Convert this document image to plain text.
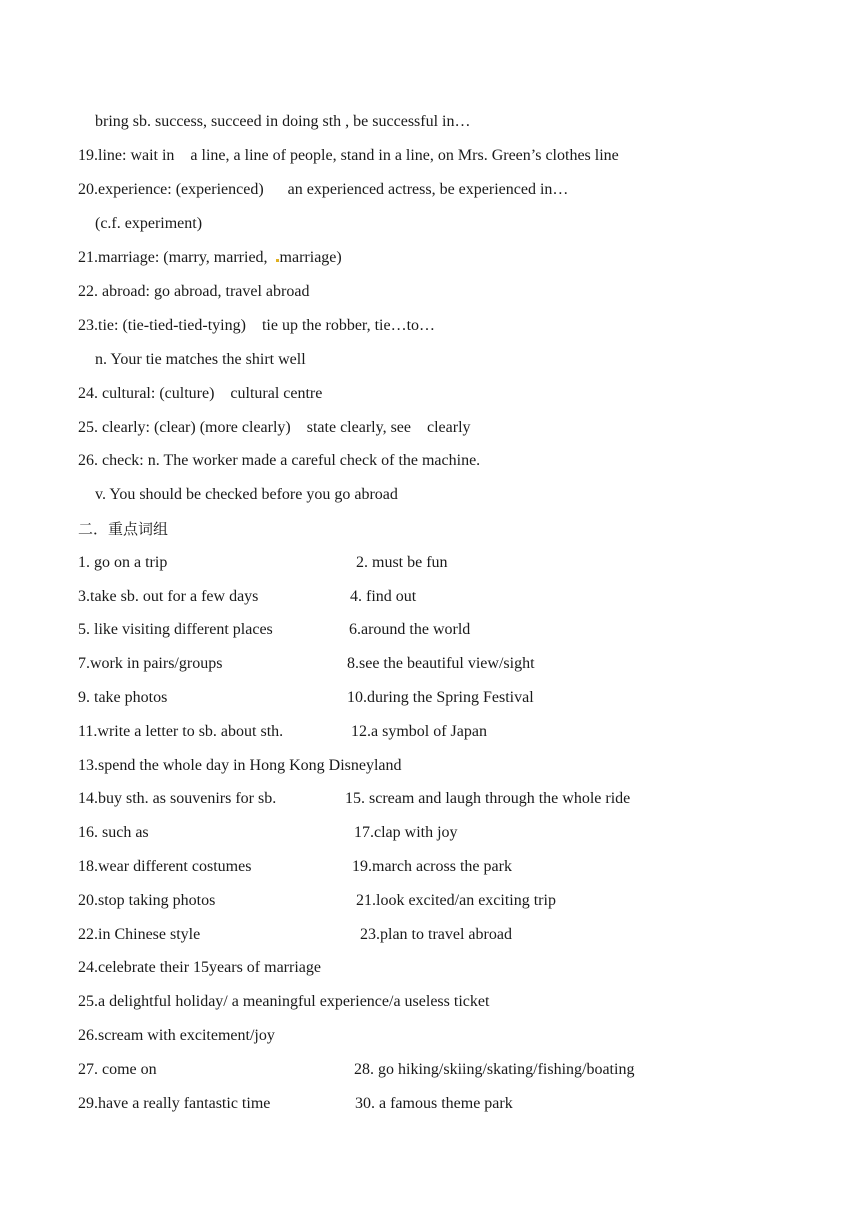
bring sb. success, succeed in doing sth , be successful in…
19.line: wait in    a line, a line of people, stand in a line, on Mrs. Green’s clothes line
20.experience: (experienced)      an experienced actress, be experienced in…
(c.f. experiment)
21.marriage: (marry, married,  marriage)
22. abroad: go abroad, travel abroad
23.tie: (tie-tied-tied-tying)    tie up the robber, tie…to…
n. Your tie matches the shirt well
24. cultural: (culture)    cultural centre
25. clearly: (clear) (more clearly)    state clearly, see    clearly
26. check: n. The worker made a careful check of the machine.
v. You should be checked before you go abroad
二．重点词组
1. go on a trip	2. must be fun
3.take sb. out for a few days	4. find out
5. like visiting different places	6.around the world
7.work in pairs/groups	8.see the beautiful view/sight
9. take photos	10.during the Spring Festival
11.write a letter to sb. about sth.	12.a symbol of Japan
13.spend the whole day in Hong Kong Disneyland
14.buy sth. as souvenirs for sb.	15. scream and laugh through the whole ride
16. such as	17.clap with joy
18.wear different costumes	19.march across the park
20.stop taking photos	21.look excited/an exciting trip
22.in Chinese style	23.plan to travel abroad
24.celebrate their 15years of marriage
25.a delightful holiday/ a meaningful experience/a useless ticket
26.scream with excitement/joy
27. come on	28. go hiking/skiing/skating/fishing/boating
29.have a really fantastic time	30. a famous theme park
